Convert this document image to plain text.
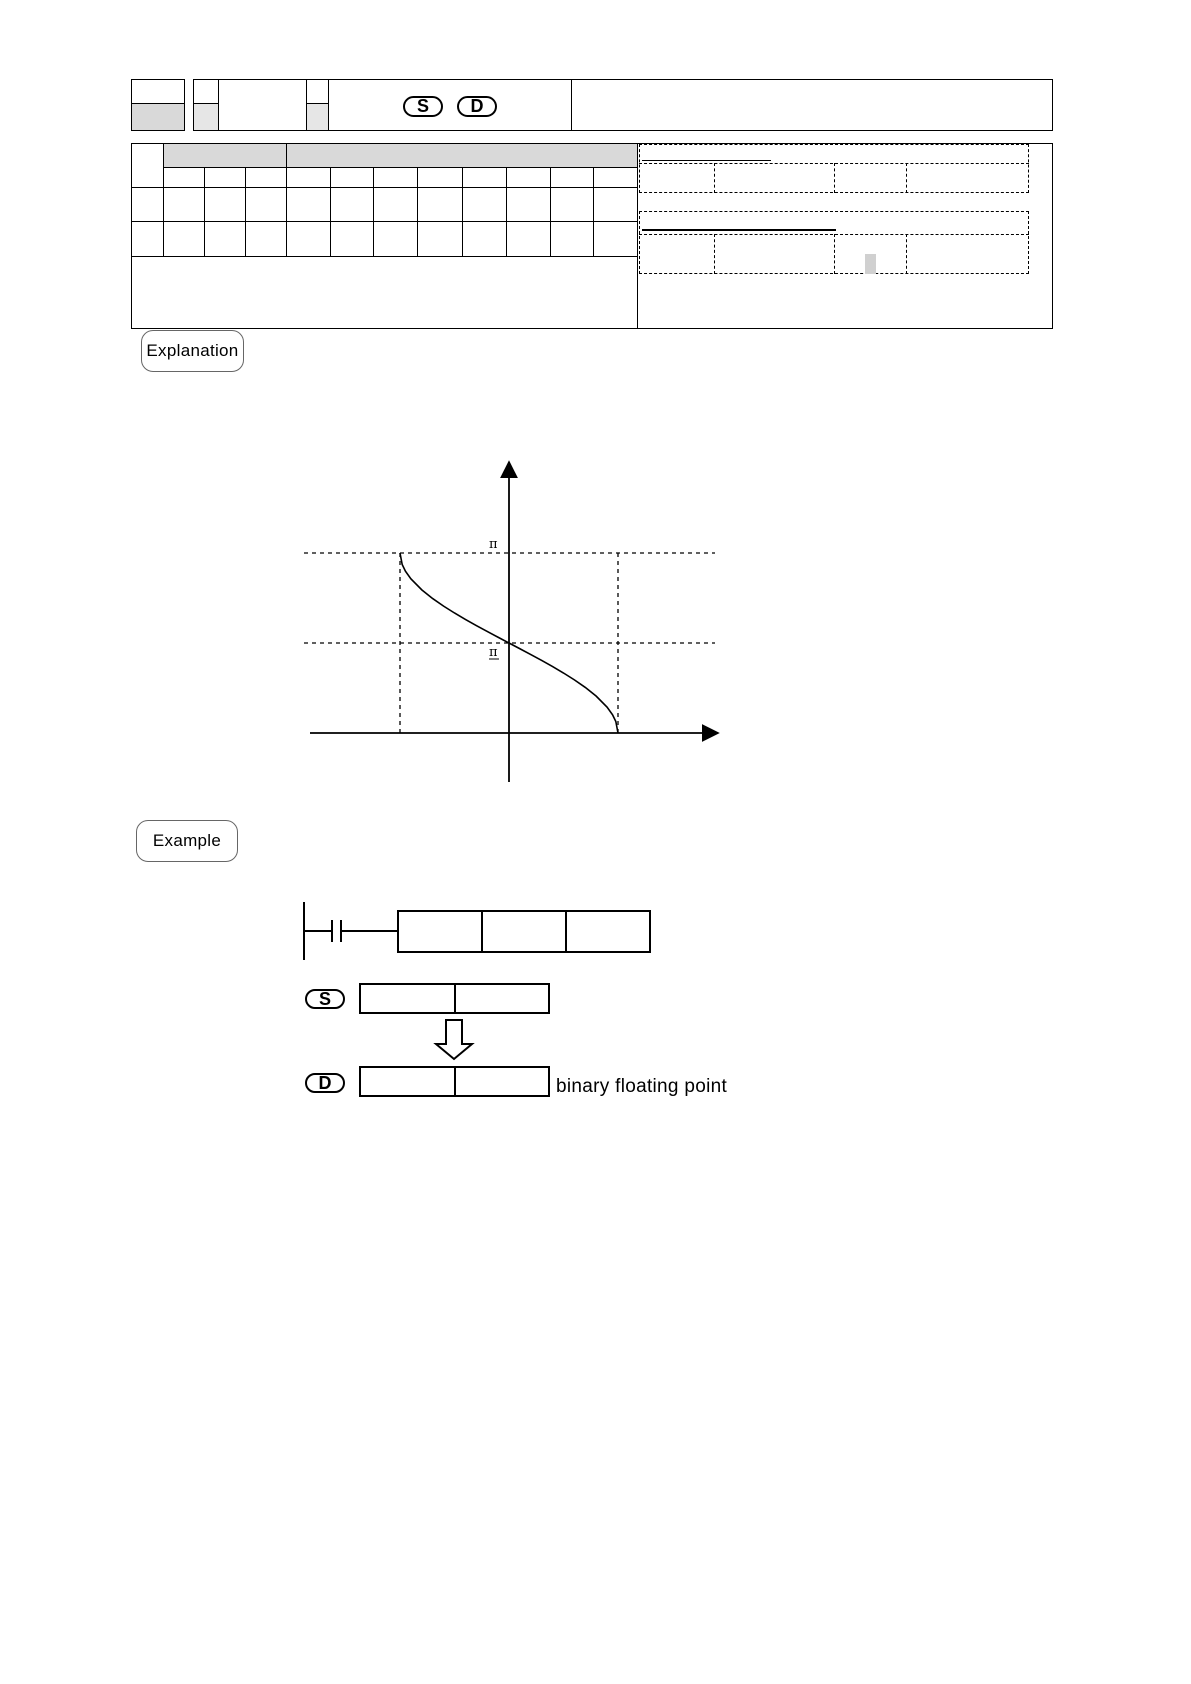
S	D
Explanation
π
π
Example
S
D	binary floating point
